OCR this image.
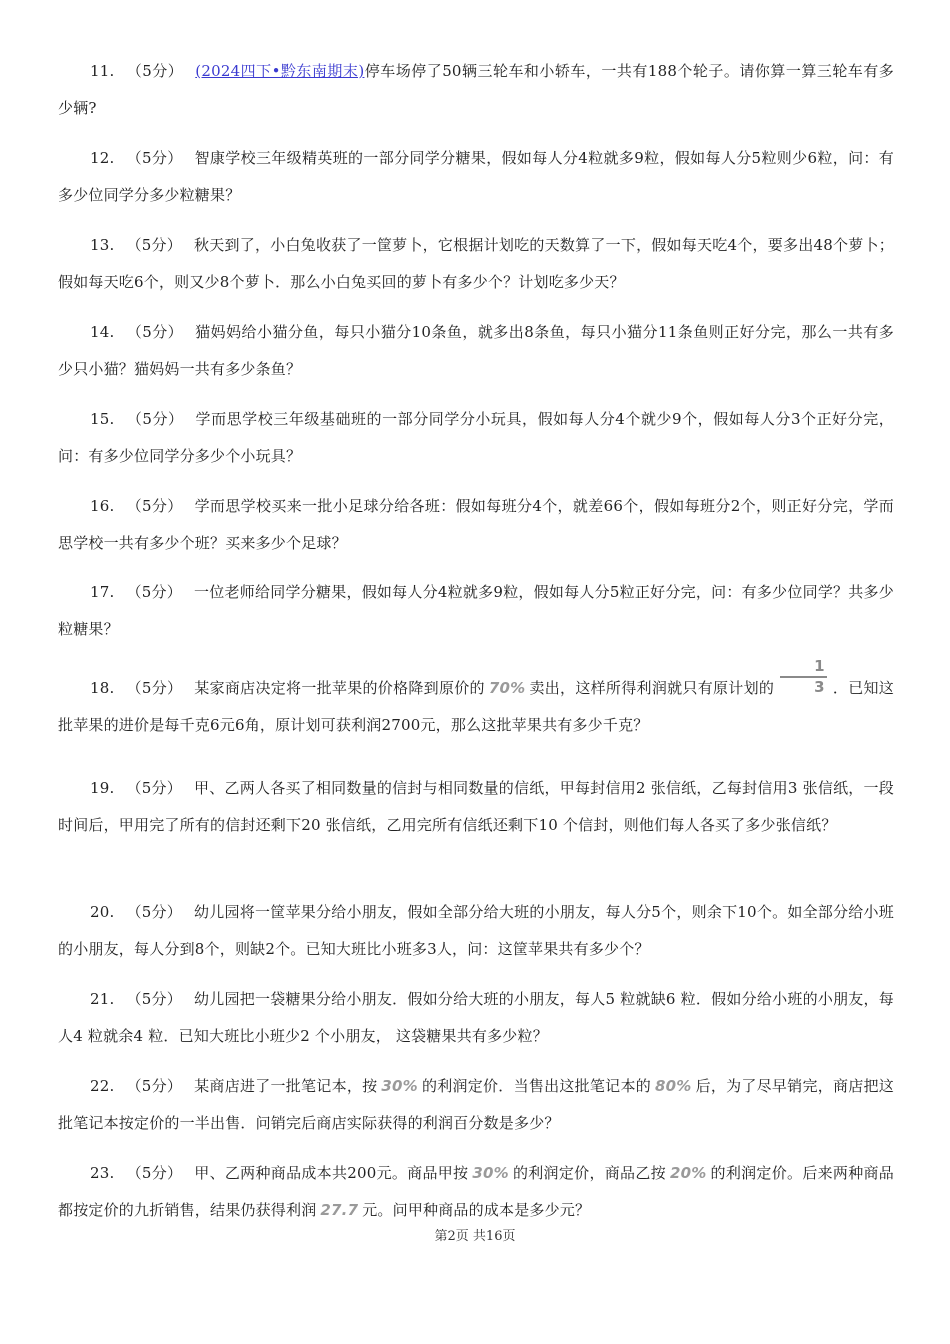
11. （5分） (2024四下•黔东南期末)停车场停了50辆三轮车和小轿车，一共有188个轮子。请你算一算三轮车有多少辆?
12. （5分） 智康学校三年级精英班的一部分同学分糖果，假如每人分4粒就多9粒，假如每人分5粒则少6粒，问：有多少位同学分多少粒糖果？
13. （5分） 秋天到了，小白兔收获了一筐萝卜，它根据计划吃的天数算了一下，假如每天吃4个，要多出48个萝卜；假如每天吃6个，则又少8个萝卜．那么小白兔买回的萝卜有多少个？计划吃多少天？
14. （5分） 猫妈妈给小猫分鱼，每只小猫分10条鱼，就多出8条鱼，每只小猫分11条鱼则正好分完，那么一共有多少只小猫？猫妈妈一共有多少条鱼？
15. （5分） 学而思学校三年级基础班的一部分同学分小玩具，假如每人分4个就少9个，假如每人分3个正好分完，问：有多少位同学分多少个小玩具？
16. （5分） 学而思学校买来一批小足球分给各班：假如每班分4个，就差66个，假如每班分2个，则正好分完，学而思学校一共有多少个班？买来多少个足球？
17. （5分） 一位老师给同学分糖果，假如每人分4粒就多9粒，假如每人分5粒正好分完，问：有多少位同学？共多少粒糖果？
18. （5分） 某家商店决定将一批苹果的价格降到原价的 70% 卖出，这样所得利润就只有原计划的 $\frac{1}{3}$ ．已知这批苹果的进价是每千克6元6角，原计划可获利润2700元，那么这批苹果共有多少千克？
19. （5分） 甲、乙两人各买了相同数量的信封与相同数量的信纸，甲每封信用2 张信纸，乙每封信用3 张信纸，一段时间后，甲用完了所有的信封还剩下20 张信纸，乙用完所有信纸还剩下10 个信封，则他们每人各买了多少张信纸？
20. （5分） 幼儿园将一筐苹果分给小朋友，假如全部分给大班的小朋友，每人分5个，则余下10个。如全部分给小班的小朋友，每人分到8个，则缺2个。已知大班比小班多3人，问：这筐苹果共有多少个？
21. （5分） 幼儿园把一袋糖果分给小朋友．假如分给大班的小朋友，每人5 粒就缺6 粒．假如分给小班的小朋友，每人4 粒就余4 粒．已知大班比小班少2 个小朋友， 这袋糖果共有多少粒？
22. （5分） 某商店进了一批笔记本，按 30% 的利润定价．当售出这批笔记本的 80% 后，为了尽早销完，商店把这批笔记本按定价的一半出售．问销完后商店实际获得的利润百分数是多少？
23. （5分） 甲、乙两种商品成本共200元。商品甲按 30% 的利润定价，商品乙按 20% 的利润定价。后来两种商品都按定价的九折销售，结果仍获得利润 27.7 元。问甲种商品的成本是多少元？
第2页 共16页
